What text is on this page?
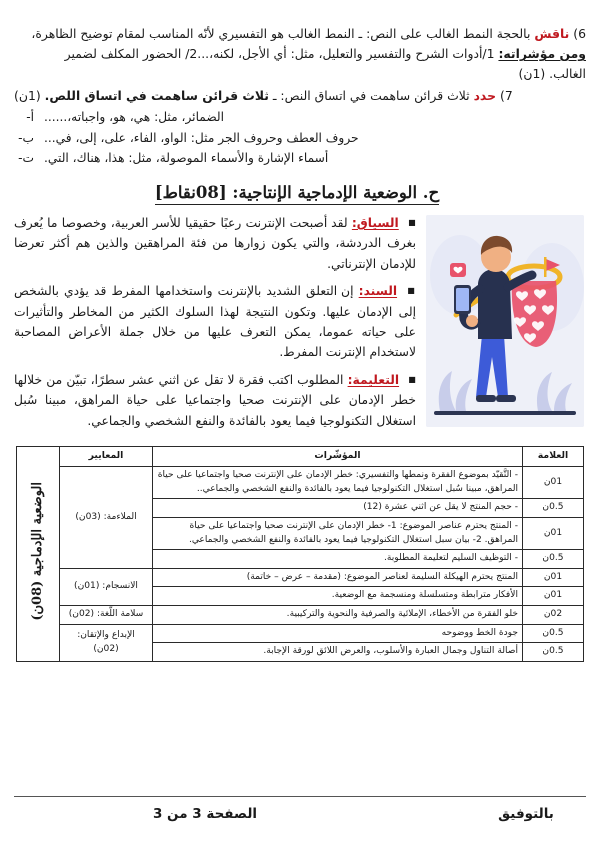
6) ناقش بالحجة النمط الغالب على النص: ـ النمط الغالب هو التفسيري لأنّه المناسب لمقام توضيح الظاهرة،
ومن مؤشراته: 1/أدوات الشرح والتفسير والتعليل، مثل: أي الأجل، لكنه،...2/ الحضور المكلف لضمير
الغالب. (1ن)
7) حدد ثلاث قرائن ساهمت في اتساق النص: ـ ثلاث قرائن ساهمت في اتساق اللص. (1ن)
الضمائر، مثل: هي، هو، واجباته،......
أ-
حروف العطف وحروف الجر مثل: الواو، الفاء، على، إلى، في...
ب-
أسماء الإشارة والأسماء الموصولة، مثل: هذا، هناك، التي.
ت-
ح. الوضعية الإدماجية الإنتاجية: [08نقاط]
■ السياق: لقد أصبحت الإنترنت رعبًا حقيقيا للأسر العربية، وخصوصا ما يُعرف بغرف الدردشة، والتي يكون زوارها من فئة المراهقين والذين هم أكثر تعرضا للإدمان الإنترناتي.
■ السند: إن التعلق الشديد بالإنترنت واستخدامها المفرط قد يؤدي بالشخص إلى الإدمان عليها. وتكون النتيجة لهذا السلوك الكثير من المخاطر والتأثيرات على حياته عموما، يمكن التعرف عليها من خلال جملة الأعراض المصاحبة لاستخدام الإنترنت المفرط.
■ التعليمة: المطلوب اكتب فقرة لا تقل عن اثني عشر سطرًا، تبيّن من خلالها خطر الإدمان على الإنترنت صحيا واجتماعيا على حياة المراهق، مبينا سُبل استغلال التكنولوجيا فيما يعود بالفائدة والنفع الشخصي والجماعي.
العلامة	المؤشّرات	المعايير	الوضعية الإدماجية (08ن)

01ن	- التَّقيّد بموضوع الفقرة ونمطها والتفسيري: خطر الإدمان على الإنترنت صحيا واجتماعيا على حياة المراهق، مبينا سُبل استغلال التكنولوجيا فيما يعود بالفائدة والنفع الشخصي والجماعي..	الملاءمة: (03ن)	
0.5ن	- حجم المنتج لا يقل عن اثني عشرة (12)		
01ن	- المنتج يحترم عناصر الموضوع: 1- خطر الإدمان على الإنترنت صحيا واجتماعيا على حياة المراهق. 2- بيان سبل استغلال التكنولوجيا فيما يعود بالفائدة والنفع الشخصي والجماعي.		
0.5ن	- التوظيف السليم لتعليمة المطلوبة.		
01ن	المنتج يحترم الهيكلة السليمة لعناصر الموضوع: (مقدمة – عرض – خاتمة)	الانسجام: (01ن)	
01ن	الأفكار مترابطة ومتسلسلة ومنسجمة مع الوضعية.		
02ن	خلو الفقرة من الأخطاء، الإملائية والصرفية والنحوية والتركيبية.	سلامة اللّغة: (02ن)	
0.5ن	جودة الخط ووضوحه	الإبداع والإتقان: (02ن)	
0.5ن	أصالة التناول وجمال العبارة والأسلوب، والعرض اللائق لورقة الإجابة.		
بالتوفيق
الصفحة 3 من 3
